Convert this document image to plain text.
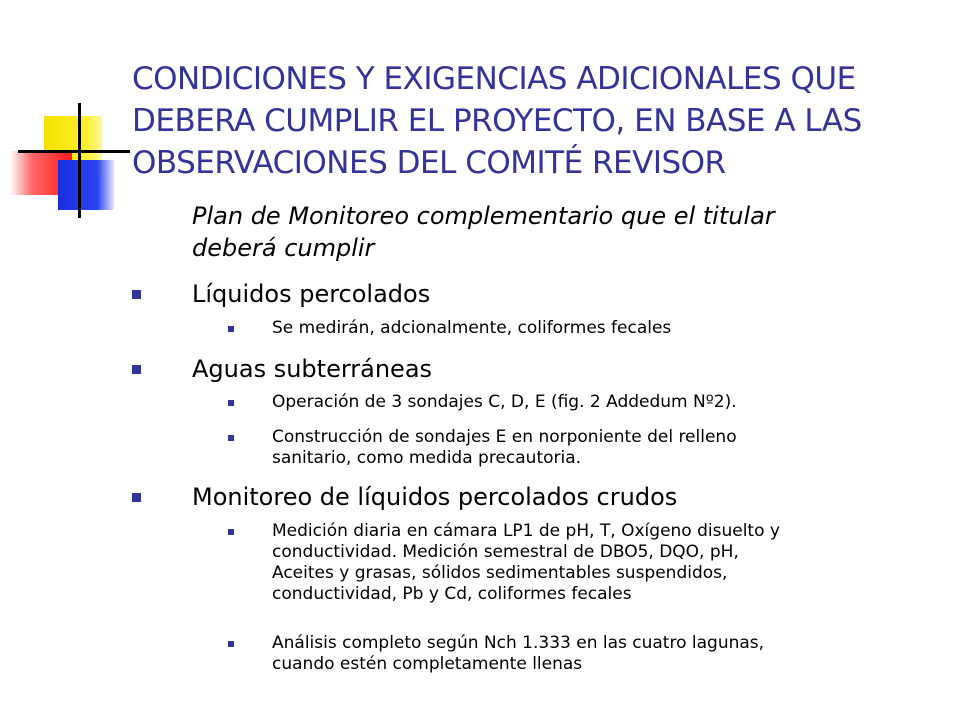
CONDICIONES Y EXIGENCIAS ADICIONALES QUE
DEBERA CUMPLIR EL PROYECTO, EN BASE A LAS
OBSERVACIONES DEL COMITÉ REVISOR
Plan de Monitoreo complementario que el titular
deberá cumplir
Líquidos percolados
Se medirán, adcionalmente, coliformes fecales
Aguas subterráneas
Operación de 3 sondajes C, D, E (fig. 2 Addedum Nº2).
Construcción de sondajes E en norponiente del relleno
sanitario, como medida precautoria.
Monitoreo de líquidos percolados crudos
Medición diaria en cámara LP1 de pH, T, Oxígeno disuelto y
conductividad. Medición semestral de DBO5, DQO, pH,
Aceites y grasas, sólidos sedimentables suspendidos,
conductividad, Pb y Cd, coliformes fecales
Análisis completo según Nch 1.333 en las cuatro lagunas,
cuando estén completamente llenas
